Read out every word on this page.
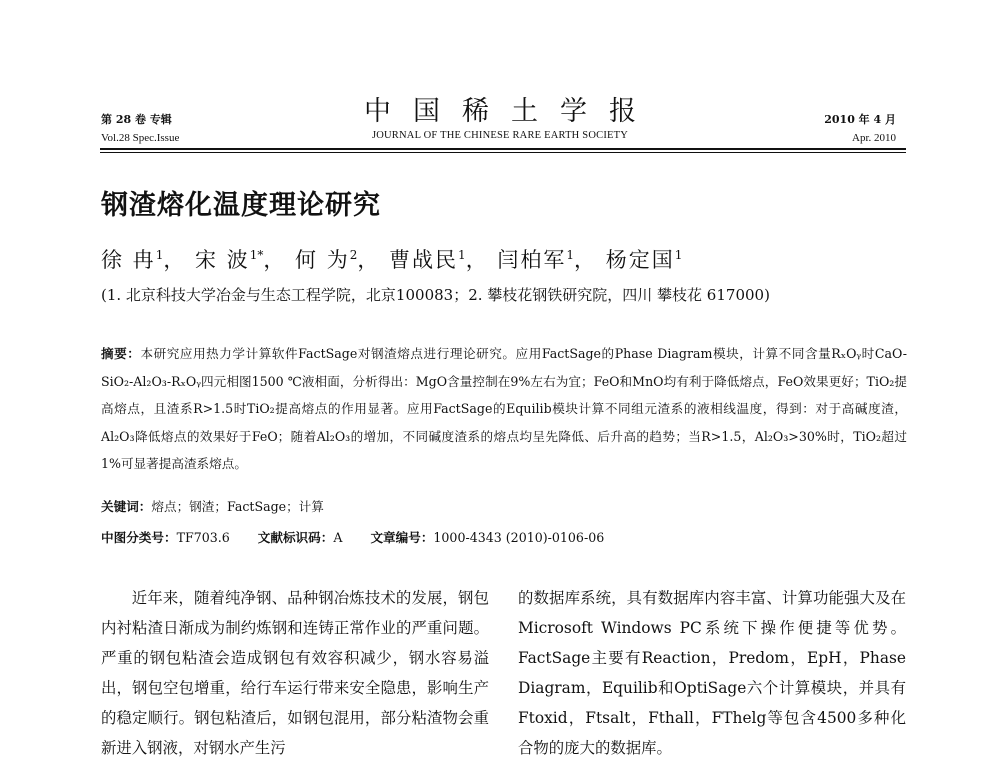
第 28 卷 专辑
Vol.28 Spec.Issue
中国稀土学报
JOURNAL OF THE CHINESE RARE EARTH SOCIETY
2010 年 4 月
Apr. 2010
钢渣熔化温度理论研究
徐 冉$^1$， 宋 波$^{1*}$， 何 为$^2$， 曹战民$^1$， 闫柏军$^1$， 杨定国$^1$
(1. 北京科技大学冶金与生态工程学院，北京100083；2. 攀枝花钢铁研究院，四川 攀枝花 617000)
摘要：本研究应用热力学计算软件FactSage对钢渣熔点进行理论研究。应用FactSage的Phase Diagram模块，计算不同含量RₓOᵧ时CaO-SiO₂-Al₂O₃-RₓOᵧ四元相图1500 ℃液相面，分析得出：MgO含量控制在9%左右为宜；FeO和MnO均有利于降低熔点，FeO效果更好；TiO₂提高熔点，且渣系R>1.5时TiO₂提高熔点的作用显著。应用FactSage的Equilib模块计算不同组元渣系的液相线温度，得到：对于高碱度渣，Al₂O₃降低熔点的效果好于FeO；随着Al₂O₃的增加，不同碱度渣系的熔点均呈先降低、后升高的趋势；当R>1.5，Al₂O₃>30%时，TiO₂超过1%可显著提高渣系熔点。
关键词：熔点；钢渣；FactSage；计算
中图分类号：TF703.6 文献标识码：A 文章编号：1000-4343 (2010)-0106-06
近年来，随着纯净钢、品种钢冶炼技术的发展，钢包内衬粘渣日渐成为制约炼钢和连铸正常作业的严重问题。严重的钢包粘渣会造成钢包有效容积减少，钢水容易溢出，钢包空包增重，给行车运行带来安全隐患，影响生产的稳定顺行。钢包粘渣后，如钢包混用，部分粘渣物会重新进入钢液，对钢水产生污
的数据库系统，具有数据库内容丰富、计算功能强大及在Microsoft Windows PC系统下操作便捷等优势。FactSage主要有Reaction，Predom，EpH，Phase Diagram，Equilib和OptiSage六个计算模块，并具有Ftoxid，Ftsalt，Fthall，FThelg等包含4500多种化合物的庞大的数据库。
